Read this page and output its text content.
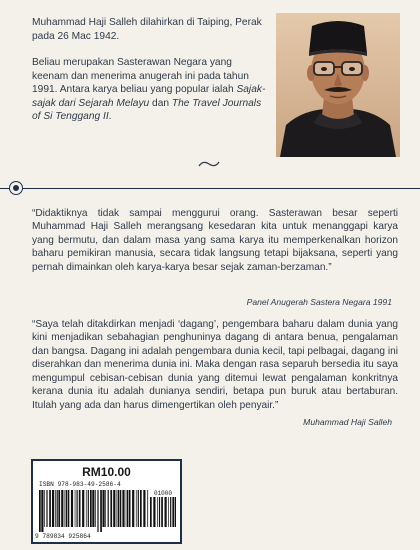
Muhammad Haji Salleh dilahirkan di Taiping, Perak pada 26 Mac 1942.

Beliau merupakan Sasterawan Negara yang keenam dan menerima anugerah ini pada tahun 1991. Antara karya beliau yang popular ialah Sajak-sajak dari Sejarah Melayu dan The Travel Journals of Si Tenggang II.

“Didaktiknya tidak sampai menggurui orang. Sasterawan besar seperti Muhammad Haji Salleh merangsang kesedaran kita untuk menanggapi karya yang bermutu, dan dalam masa yang sama karya itu memperkenalkan horizon baharu pemikiran manusia, secara tidak langsung tetapi bijaksana, seperti yang pernah dimainkan oleh karya-karya besar sejak zaman-berzaman.”

Panel Anugerah Sastera Negara 1991

“Saya telah ditakdirkan menjadi ‘dagang’, pengembara baharu dalam dunia yang kini menjadikan sebahagian penghuninya dagang di antara benua, pengalaman dan bangsa. Dagang ini adalah pengembara dunia kecil, tapi pelbagai, dagang ini diserahkan dan menerima dunia ini. Maka dengan rasa separuh bersedia itu saya mengumpul cebisan-cebisan dunia yang ditemui lewat pengalaman konkritnya kerana dunia itu adalah dunianya sendiri, betapa pun buruk atau bertaburan. Itulah yang ada dan harus dimengertikan oleh penyair.”

Muhammad Haji Salleh

RM10.00
ISBN 978-983-49-2586-4
01000
9 789834 925864
